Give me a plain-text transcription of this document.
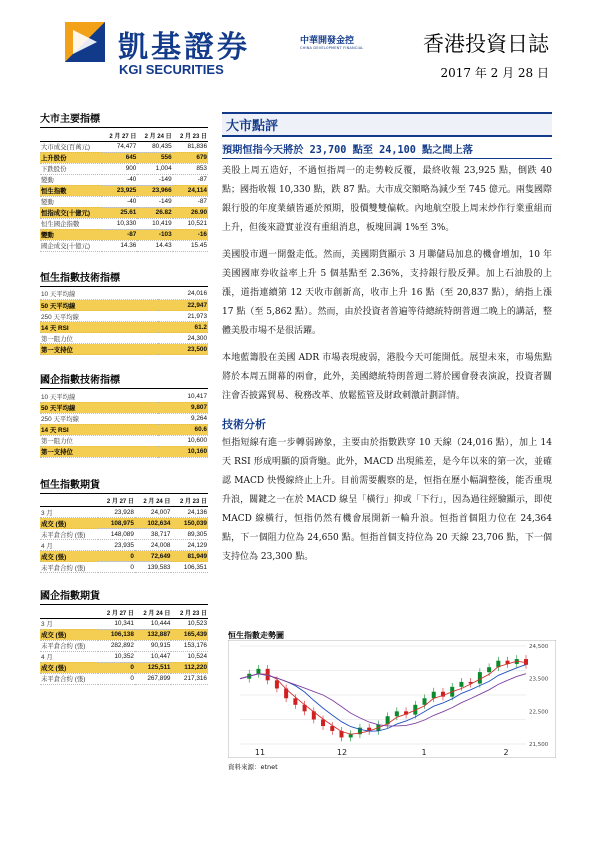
凱基證券
KGI SECURITIES
中華開發金控
CHINA DEVELOPMENT FINANCIAL	香港投資日誌
2017 年 2 月 28 日
大市主要指標
	2 月 27 日	2 月 24 日	2 月 23 日
大市成交(百萬元)	74,477	80,435	81,836
上升股份	645	556	679
下跌股份	900	1,004	853
變動	-40	-149	-87
恒生指數	23,925	23,966	24,114
變動	-40	-149	-87
恒指成交(十億元)	25.61	26.82	26.90
恒生國企指數	10,330	10,419	10,521
變動	-87	-103	-16
國企成交(十億元)	14.36	14.43	15.45
恒生指數技術指標
10 天平均線	24,016
50 天平均線	22,947
250 天平均線	21,973
14 天 RSI	61.2
第一阻力位	24,300
第一支持位	23,500
國企指數技術指標
10 天平均線	10,417
50 天平均線	9,807
250 天平均線	9,264
14 天 RSI	60.6
第一阻力位	10,600
第一支持位	10,160
恒生指數期貨
	2 月 27 日	2 月 24 日	2 月 23 日
3 月	23,928	24,007	24,136
成交 (張)	108,975	102,634	150,039
未平倉合約 (張)	148,089	38,717	89,305
4 月	23,935	24,008	24,129
成交 (張)	0	72,649	81,949
未平倉合約 (張)	0	139,583	106,351
國企指數期貨
	2 月 27 日	2 月 24 日	2 月 23 日
3 月	10,341	10,444	10,523
成交 (張)	106,138	132,887	165,439
未平倉合約 (張)	282,892	90,915	153,176
4 月	10,352	10,447	10,524
成交 (張)	0	125,511	112,220
未平倉合約 (張)	0	267,899	217,316
大市點評
預期恒指今天將於 23,700 點至 24,100 點之間上落

美股上周五造好，不過恒指周一的走勢較反覆，最終收報 23,925 點，倒跌 40 點；國指收報 10,330 點，跌 87 點。大市成交額略為減少至 745 億元。兩隻國際銀行股的年度業績皆遜於預期，股價雙雙偏軟。內地航空股上周末炒作行業重組而上升，但後來證實並沒有重組消息，板塊回調 1%至 3%。

美國股市週一開盤走低。然而，美國期貨顯示 3 月聯儲局加息的機會增加，10 年美國國庫券收益率上升 5 個基點至 2.36%，支持銀行股反彈。加上石油股的上漲，道指連續第 12 天收市創新高，收市上升 16 點（至 20,837 點），納指上漲 17 點（至 5,862 點）。然而，由於投資者普遍等待總統特朗普週二晚上的講話，整體美股市場不是很活躍。

本地藍籌股在美國 ADR 市場表現疲弱，港股今天可能開低。展望未來，市場焦點將於本周五開幕的兩會，此外，美國總統特朗普週二將於國會發表演說，投資者關注會否披露貿易、稅務改革、放鬆監管及財政刺激計劃詳情。

技術分析

恒指短線有進一步轉弱跡象，主要由於指數跌穿 10 天線（24,016 點），加上 14 天 RSI 形成明顯的頂背馳。此外，MACD 出現熊差，是今年以來的第一次，並確認 MACD 快慢線終止上升。目前需要觀察的是，恒指在歷小幅調整後，能否重現升浪，關鍵之一在於 MACD 線呈「橫行」抑或「下行」，因為過往經驗顯示，即使 MACD 線橫行，恒指仍然有機會展開新一輪升浪。恒指首個阻力位在 24,364 點，下一個阻力位為 24,650 點。恒指首個支持位為 20 天線 23,706 點，下一個支持位為 23,300 點。

恒生指數走勢圖
11	12	1	2
21,500
22,500
23,500
24,500
資料來源：etnet
